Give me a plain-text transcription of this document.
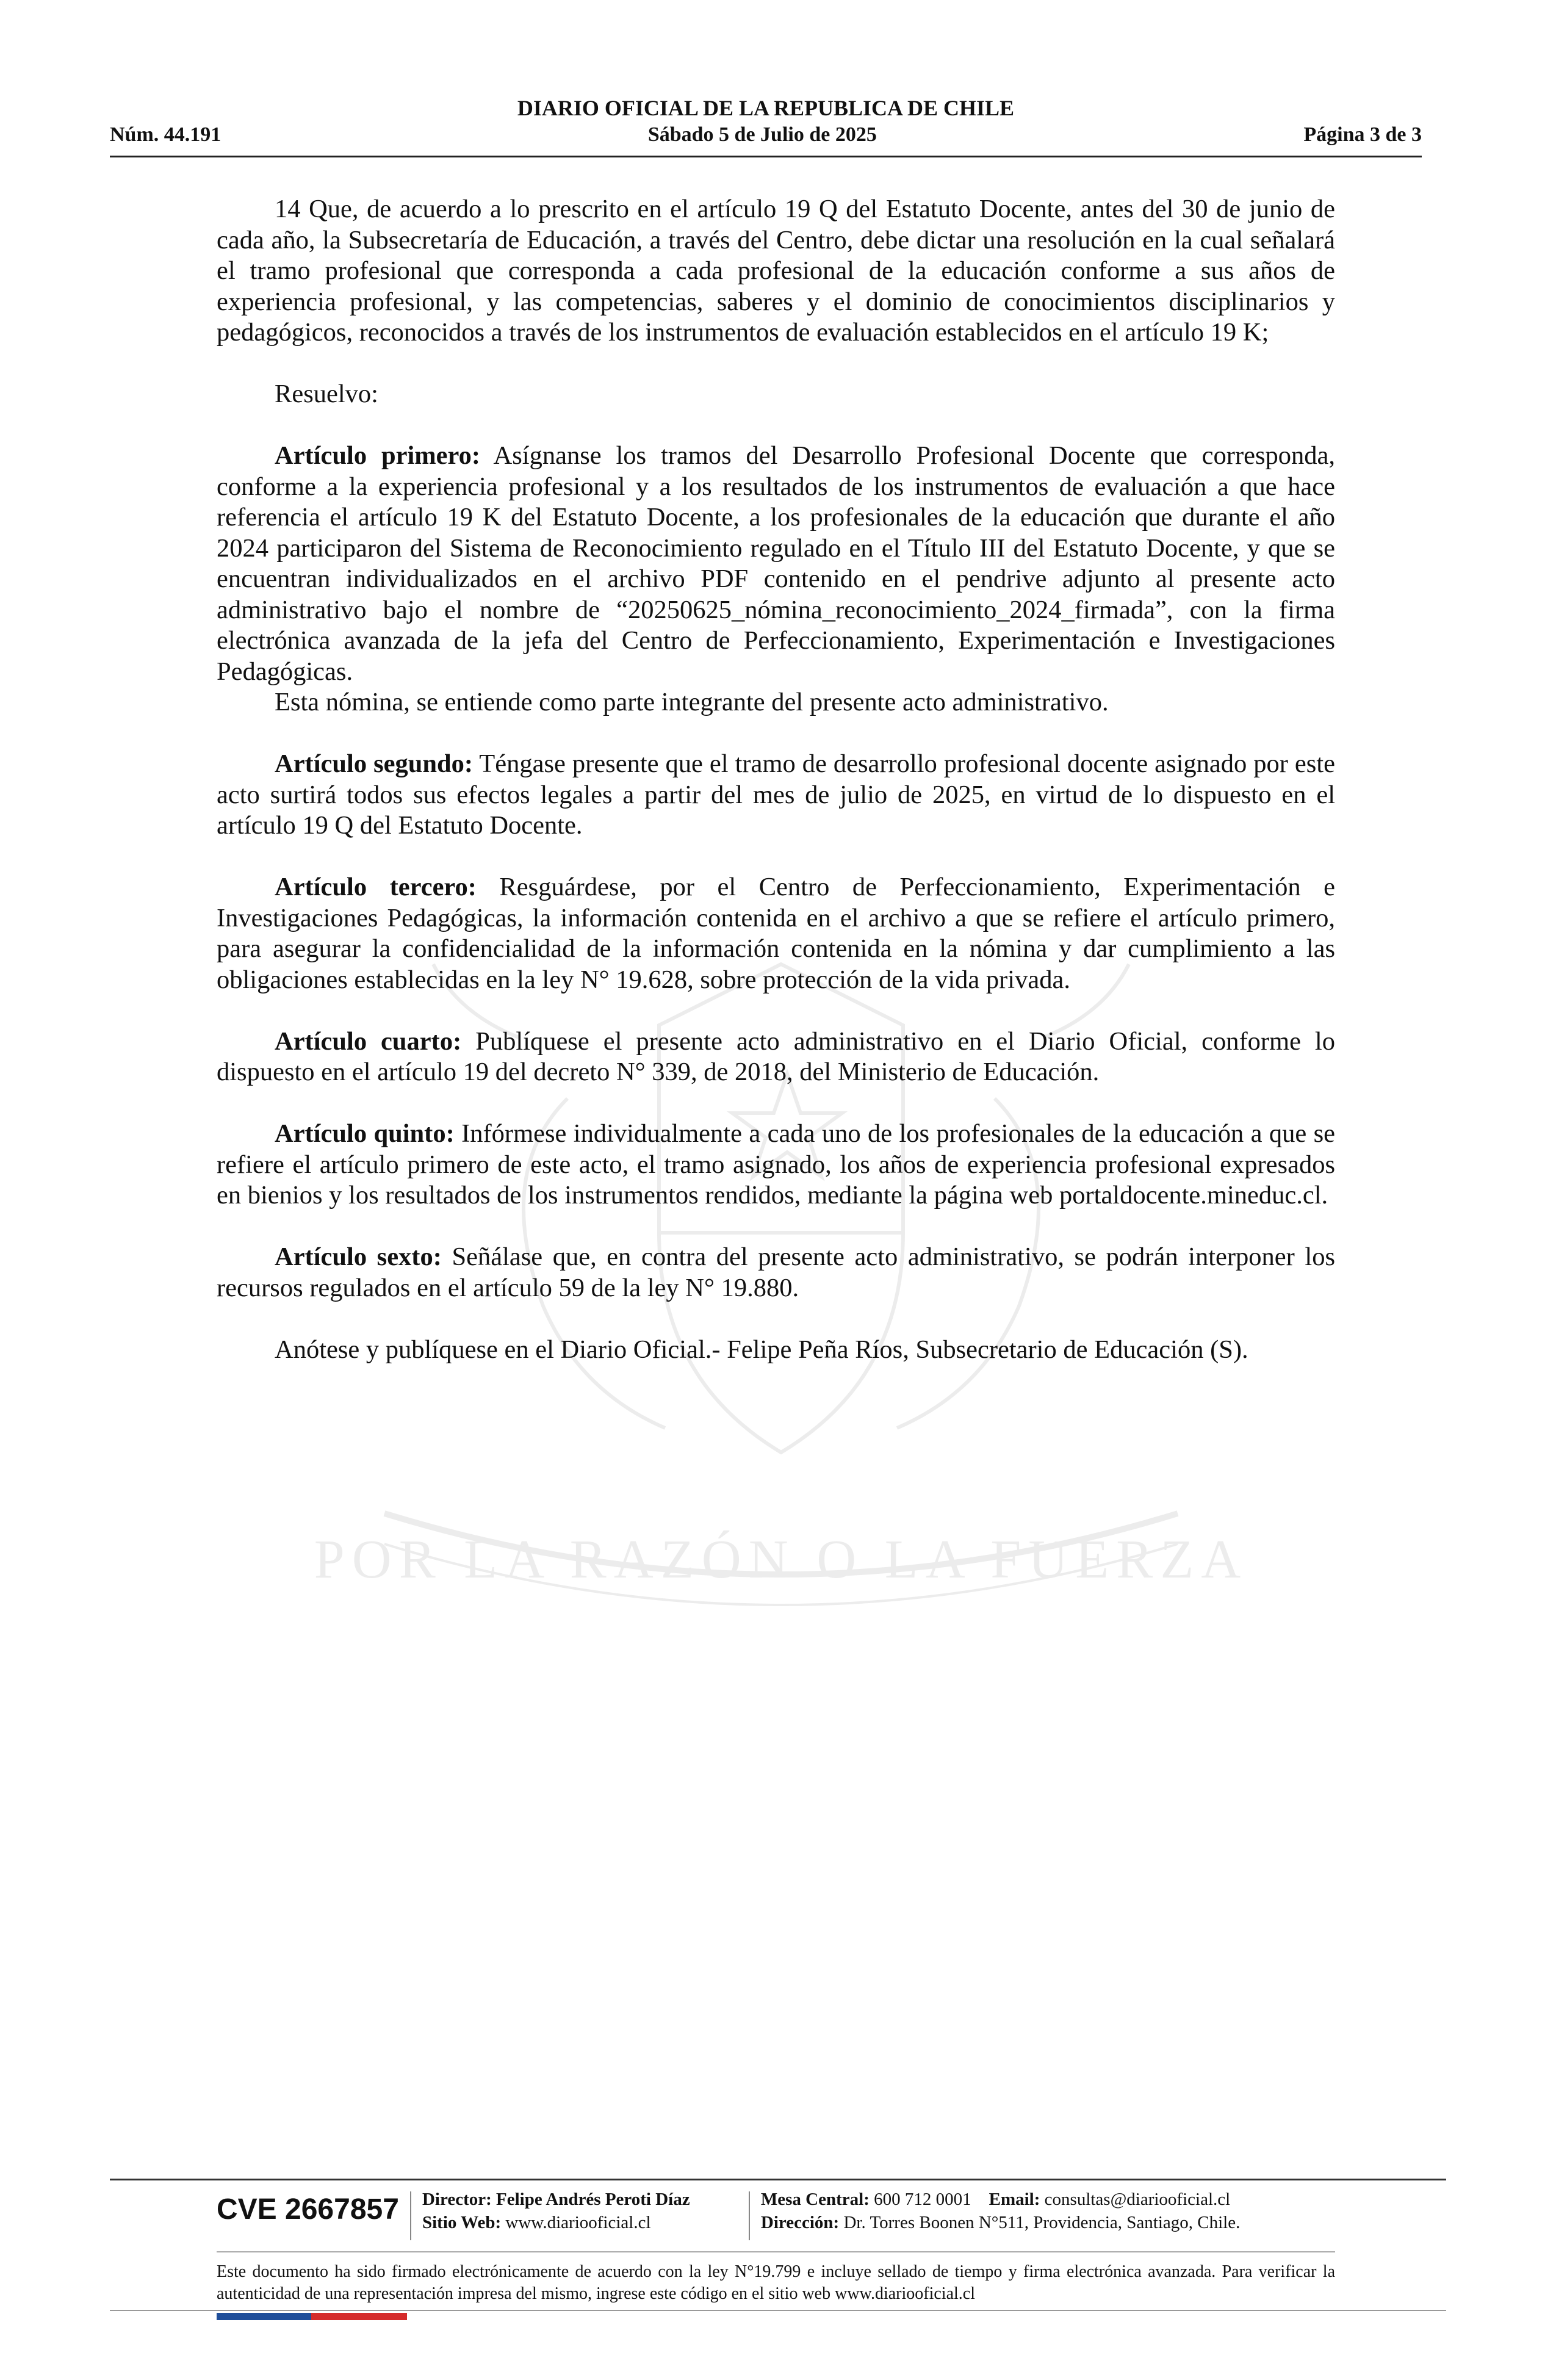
POR LA RAZÓN O LA FUERZA
DIARIO OFICIAL DE LA REPUBLICA DE CHILE
Núm. 44.191	Sábado 5 de Julio de 2025	Página 3 de 3

14 Que, de acuerdo a lo prescrito en el artículo 19 Q del Estatuto Docente, antes del 30 de junio de cada año, la Subsecretaría de Educación, a través del Centro, debe dictar una resolución en la cual señalará el tramo profesional que corresponda a cada profesional de la educación conforme a sus años de experiencia profesional, y las competencias, saberes y el dominio de conocimientos disciplinarios y pedagógicos, reconocidos a través de los instrumentos de evaluación establecidos en el artículo 19 K;

Resuelvo:

Artículo primero: Asígnanse los tramos del Desarrollo Profesional Docente que corresponda, conforme a la experiencia profesional y a los resultados de los instrumentos de evaluación a que hace referencia el artículo 19 K del Estatuto Docente, a los profesionales de la educación que durante el año 2024 participaron del Sistema de Reconocimiento regulado en el Título III del Estatuto Docente, y que se encuentran individualizados en el archivo PDF contenido en el pendrive adjunto al presente acto administrativo bajo el nombre de “20250625_nómina_reconocimiento_2024_firmada”, con la firma electrónica avanzada de la jefa del Centro de Perfeccionamiento, Experimentación e Investigaciones Pedagógicas.

Esta nómina, se entiende como parte integrante del presente acto administrativo.

Artículo segundo: Téngase presente que el tramo de desarrollo profesional docente asignado por este acto surtirá todos sus efectos legales a partir del mes de julio de 2025, en virtud de lo dispuesto en el artículo 19 Q del Estatuto Docente.

Artículo tercero: Resguárdese, por el Centro de Perfeccionamiento, Experimentación e Investigaciones Pedagógicas, la información contenida en el archivo a que se refiere el artículo primero, para asegurar la confidencialidad de la información contenida en la nómina y dar cumplimiento a las obligaciones establecidas en la ley N° 19.628, sobre protección de la vida privada.

Artículo cuarto: Publíquese el presente acto administrativo en el Diario Oficial, conforme lo dispuesto en el artículo 19 del decreto N° 339, de 2018, del Ministerio de Educación.

Artículo quinto: Infórmese individualmente a cada uno de los profesionales de la educación a que se refiere el artículo primero de este acto, el tramo asignado, los años de experiencia profesional expresados en bienios y los resultados de los instrumentos rendidos, mediante la página web portaldocente.mineduc.cl.

Artículo sexto: Señálase que, en contra del presente acto administrativo, se podrán interponer los recursos regulados en el artículo 59 de la ley N° 19.880.

Anótese y publíquese en el Diario Oficial.- Felipe Peña Ríos, Subsecretario de Educación (S).

CVE 2667857	Director: Felipe Andrés Peroti Díaz
Sitio Web: www.diariooficial.cl
Mesa Central: 600 712 0001 Email: consultas@diariooficial.cl
Dirección: Dr. Torres Boonen N°511, Providencia, Santiago, Chile.
Este documento ha sido firmado electrónicamente de acuerdo con la ley N°19.799 e incluye sellado de tiempo y firma electrónica avanzada. Para verificar la autenticidad de una representación impresa del mismo, ingrese este código en el sitio web www.diariooficial.cl
